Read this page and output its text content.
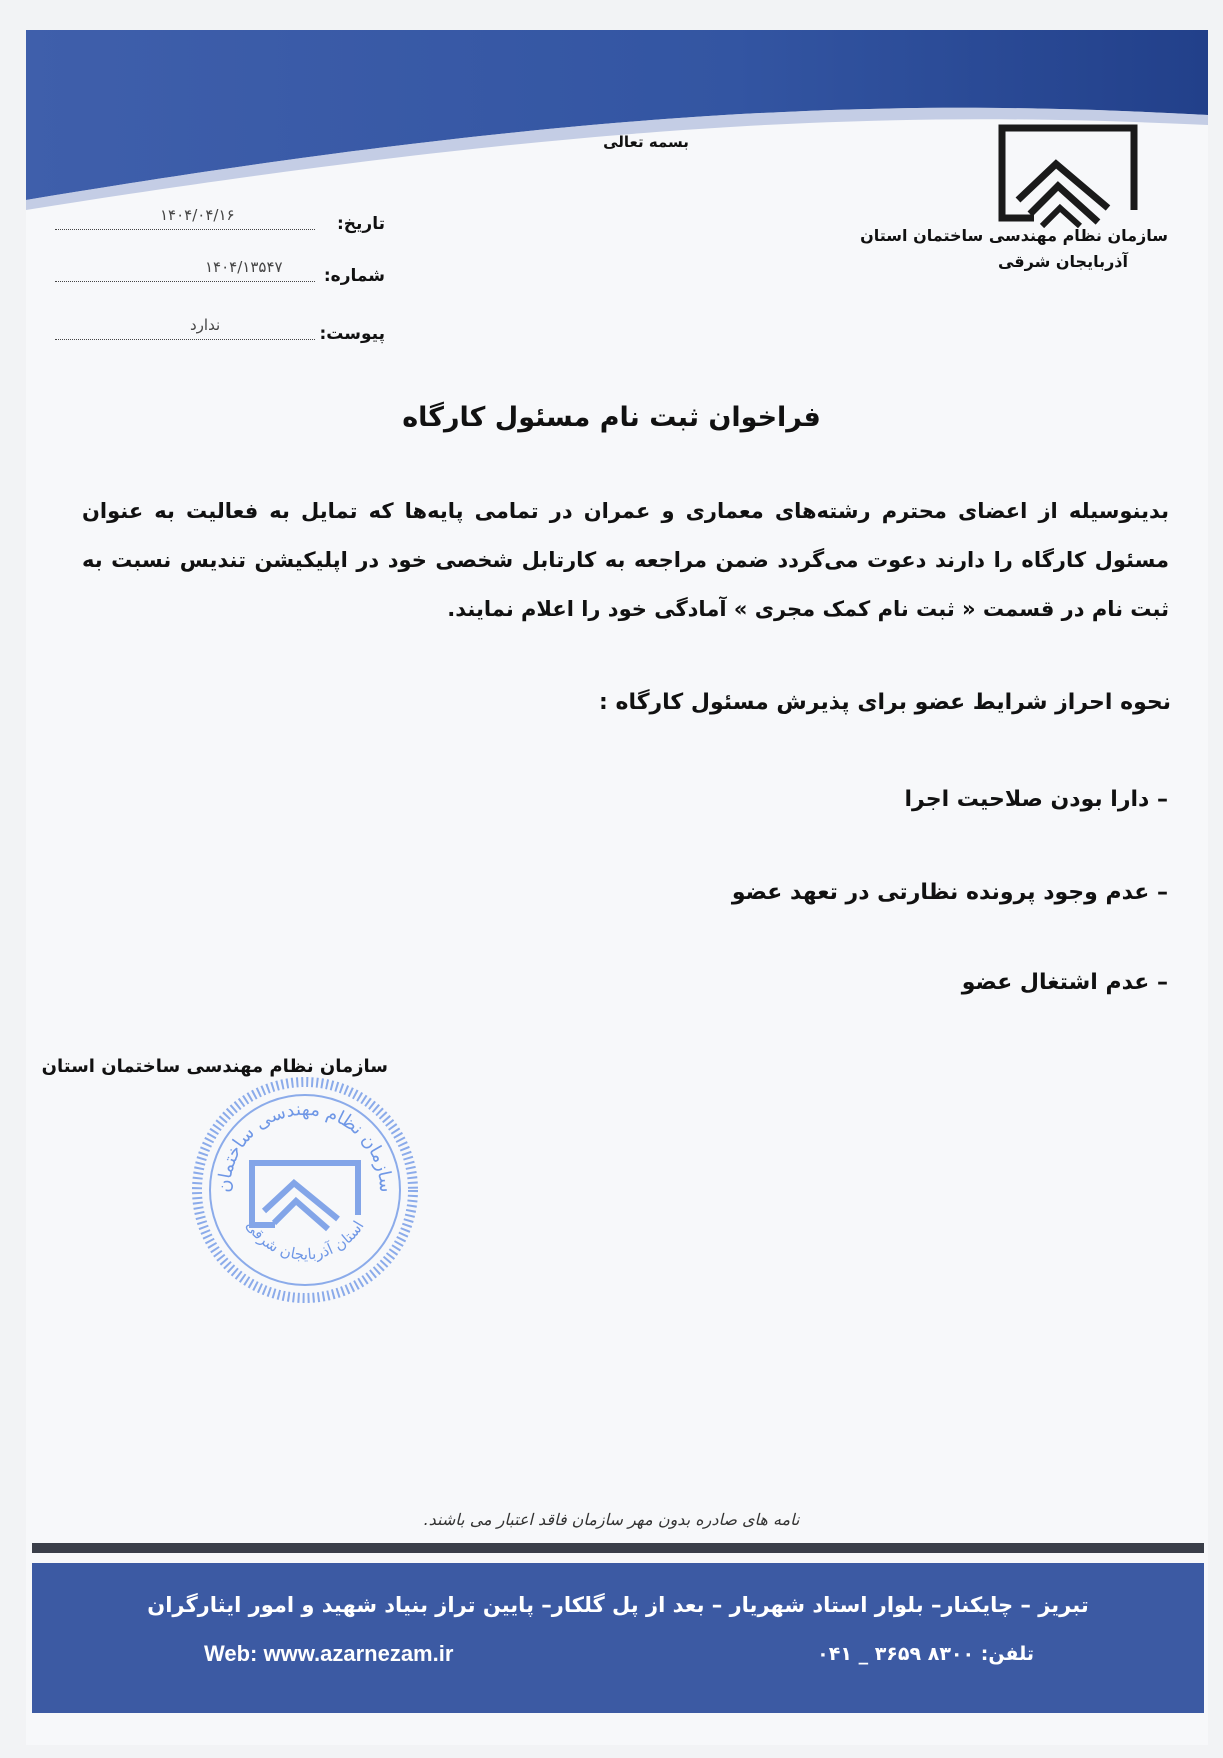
بسمه تعالی
سازمان نظام مهندسی ساختمان استان
آذربایجان شرقی
تاریخ:
۱۴۰۴/۰۴/۱۶
شماره:
۱۴۰۴/۱۳۵۴۷
پیوست:
ندارد
فراخوان ثبت نام مسئول کارگاه
بدینوسیله از اعضای محترم رشته‌های معماری و عمران در تمامی پایه‌ها که تمایل به فعالیت به عنوان مسئول کارگاه را دارند دعوت می‌گردد ضمن مراجعه به کارتابل شخصی خود در اپلیکیشن تندیس نسبت به ثبت نام در قسمت « ثبت نام کمک مجری » آمادگی خود را اعلام نمایند.
نحوه احراز شرایط عضو برای پذیرش مسئول کارگاه :
– دارا بودن صلاحیت اجرا
– عدم وجود پرونده نظارتی در تعهد عضو
– عدم اشتغال عضو
سازمان نظام مهندسی ساختمان استان
سازمان نظام مهندسی ساختمان
استان آذربایجان شرقی
نامه های صادره بدون مهر سازمان فاقد اعتبار می باشند.
تبریز – چایکنار– بلوار استاد شهریار – بعد از پل گلکار– پایین تراز بنیاد شهید و امور ایثارگران
تلفن: ۸۳۰۰ ۳۶۵۹ _ ۰۴۱
Web: www.azarnezam.ir
